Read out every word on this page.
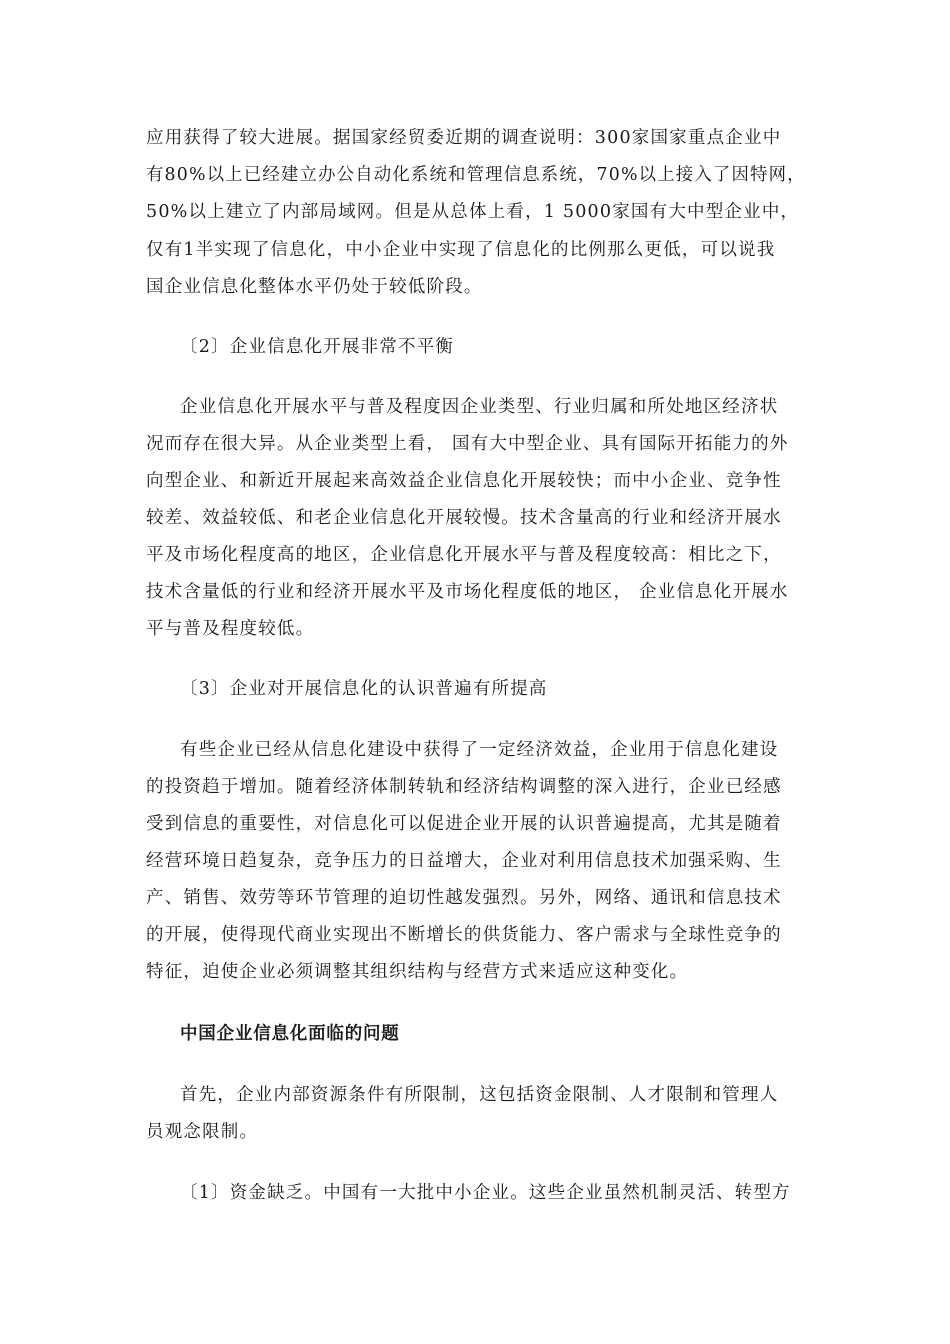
应用获得了较大进展。据国家经贸委近期的调查说明：300家国家重点企业中
有80%以上已经建立办公自动化系统和管理信息系统，70%以上接入了因特网，
50%以上建立了内部局域网。但是从总体上看，1 5000家国有大中型企业中，
仅有1半实现了信息化，中小企业中实现了信息化的比例那么更低，可以说我
国企业信息化整体水平仍处于较低阶段。
〔2〕企业信息化开展非常不平衡
企业信息化开展水平与普及程度因企业类型、行业归属和所处地区经济状
况而存在很大异。从企业类型上看， 国有大中型企业、具有国际开拓能力的外
向型企业、和新近开展起来高效益企业信息化开展较快；而中小企业、竞争性
较差、效益较低、和老企业信息化开展较慢。技术含量高的行业和经济开展水
平及市场化程度高的地区，企业信息化开展水平与普及程度较高：相比之下，
技术含量低的行业和经济开展水平及市场化程度低的地区， 企业信息化开展水
平与普及程度较低。
〔3〕企业对开展信息化的认识普遍有所提高
有些企业已经从信息化建设中获得了一定经济效益，企业用于信息化建设
的投资趋于增加。随着经济体制转轨和经济结构调整的深入进行，企业已经感
受到信息的重要性，对信息化可以促进企业开展的认识普遍提高，尤其是随着
经营环境日趋复杂，竞争压力的日益增大，企业对利用信息技术加强采购、生
产、销售、效劳等环节管理的迫切性越发强烈。另外，网络、通讯和信息技术
的开展，使得现代商业实现出不断增长的供货能力、客户需求与全球性竞争的
特征，迫使企业必须调整其组织结构与经营方式来适应这种变化。
中国企业信息化面临的问题
首先，企业内部资源条件有所限制，这包括资金限制、人才限制和管理人
员观念限制。
〔1〕资金缺乏。中国有一大批中小企业。这些企业虽然机制灵活、转型方
